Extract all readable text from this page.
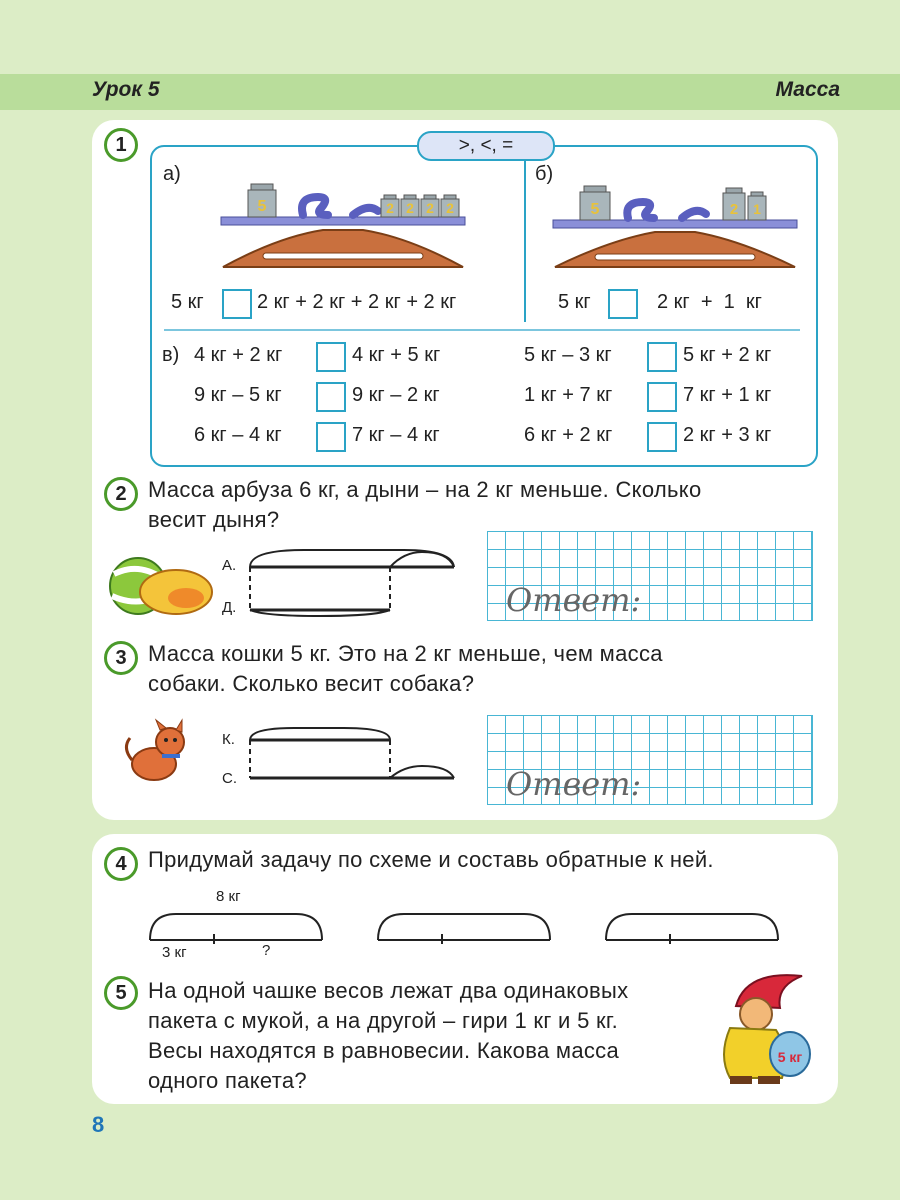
Урок 5	Масса
1	>, <, =
а)	б)
5	2 2 2 2	5	2 1
5 кг	2 кг + 2 кг + 2 кг + 2 кг	5 кг	2 кг  +  1  кг
в) 4 кг + 2 кг	4 кг + 5 кг	5 кг – 3 кг	5 кг + 2 кг
9 кг – 5 кг	9 кг – 2 кг	1 кг + 7 кг	7 кг + 1 кг
6 кг – 4 кг	7 кг – 4 кг	6 кг + 2 кг	2 кг + 3 кг
2 Масса арбуза 6 кг, а дыни – на 2 кг меньше. Сколько
весит дыня?
А.
Д.	Ответ:
3 Масса кошки 5 кг. Это на 2 кг меньше, чем масса
собаки. Сколько весит собака?
К.
С.	Ответ:
4 Придумай задачу по схеме и составь обратные к ней.
8 кг
3 кг	?
5 На одной чашке весов лежат два одинаковых
пакета с мукой, а на другой – гири 1 кг и 5 кг.
Весы находятся в равновесии. Какова масса
одного пакета?
5 кг
8
